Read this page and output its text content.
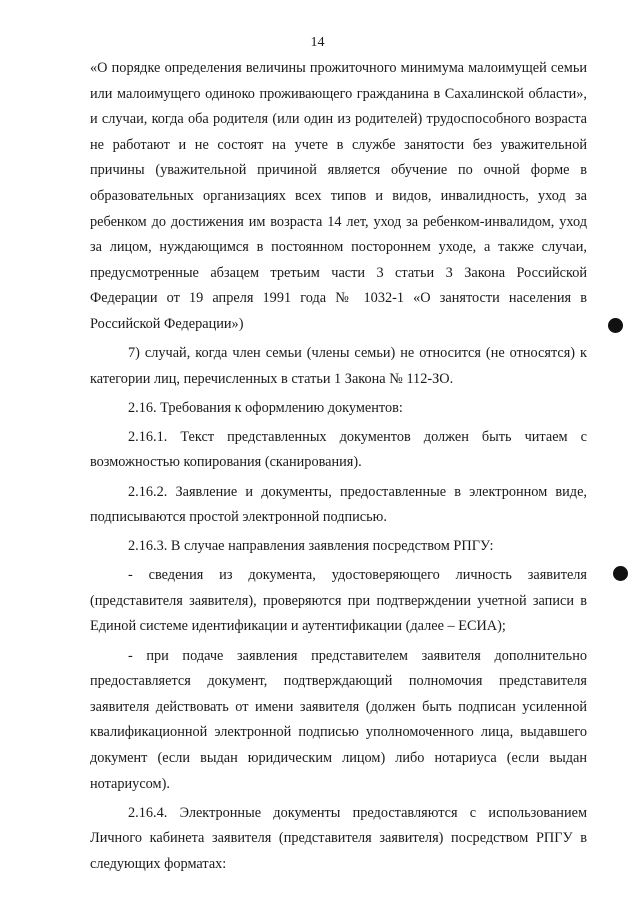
14

«О порядке определения величины прожиточного минимума малоимущей семьи или малоимущего одиноко проживающего гражданина в Сахалинской области», и случаи, когда оба родителя (или один из родителей) трудоспособного возраста не работают и не состоят на учете в службе занятости без уважительной причины (уважительной причиной является обучение по очной форме в образовательных организациях всех типов и видов, инвалидность, уход за ребенком до достижения им возраста 14 лет, уход за ребенком-инвалидом, уход за лицом, нуждающимся в постоянном постороннем уходе, а также случаи, предусмотренные абзацем третьим части 3 статьи 3 Закона Российской Федерации от 19 апреля 1991 года № 1032-1 «О занятости населения в Российской Федерации»)

7) случай, когда член семьи (члены семьи) не относится (не относятся) к категории лиц, перечисленных в статьи 1 Закона № 112-ЗО.

2.16. Требования к оформлению документов:

2.16.1. Текст представленных документов должен быть читаем с возможностью копирования (сканирования).

2.16.2. Заявление и документы, предоставленные в электронном виде, подписываются простой электронной подписью.

2.16.3. В случае направления заявления посредством РПГУ:

- сведения из документа, удостоверяющего личность заявителя (представителя заявителя), проверяются при подтверждении учетной записи в Единой системе идентификации и аутентификации (далее – ЕСИА);

- при подаче заявления представителем заявителя дополнительно предоставляется документ, подтверждающий полномочия представителя заявителя действовать от имени заявителя (должен быть подписан усиленной квалификационной электронной подписью уполномоченного лица, выдавшего документ (если выдан юридическим лицом) либо нотариуса (если выдан нотариусом).

2.16.4. Электронные документы предоставляются с использованием Личного кабинета заявителя (представителя заявителя) посредством РПГУ в следующих форматах:
